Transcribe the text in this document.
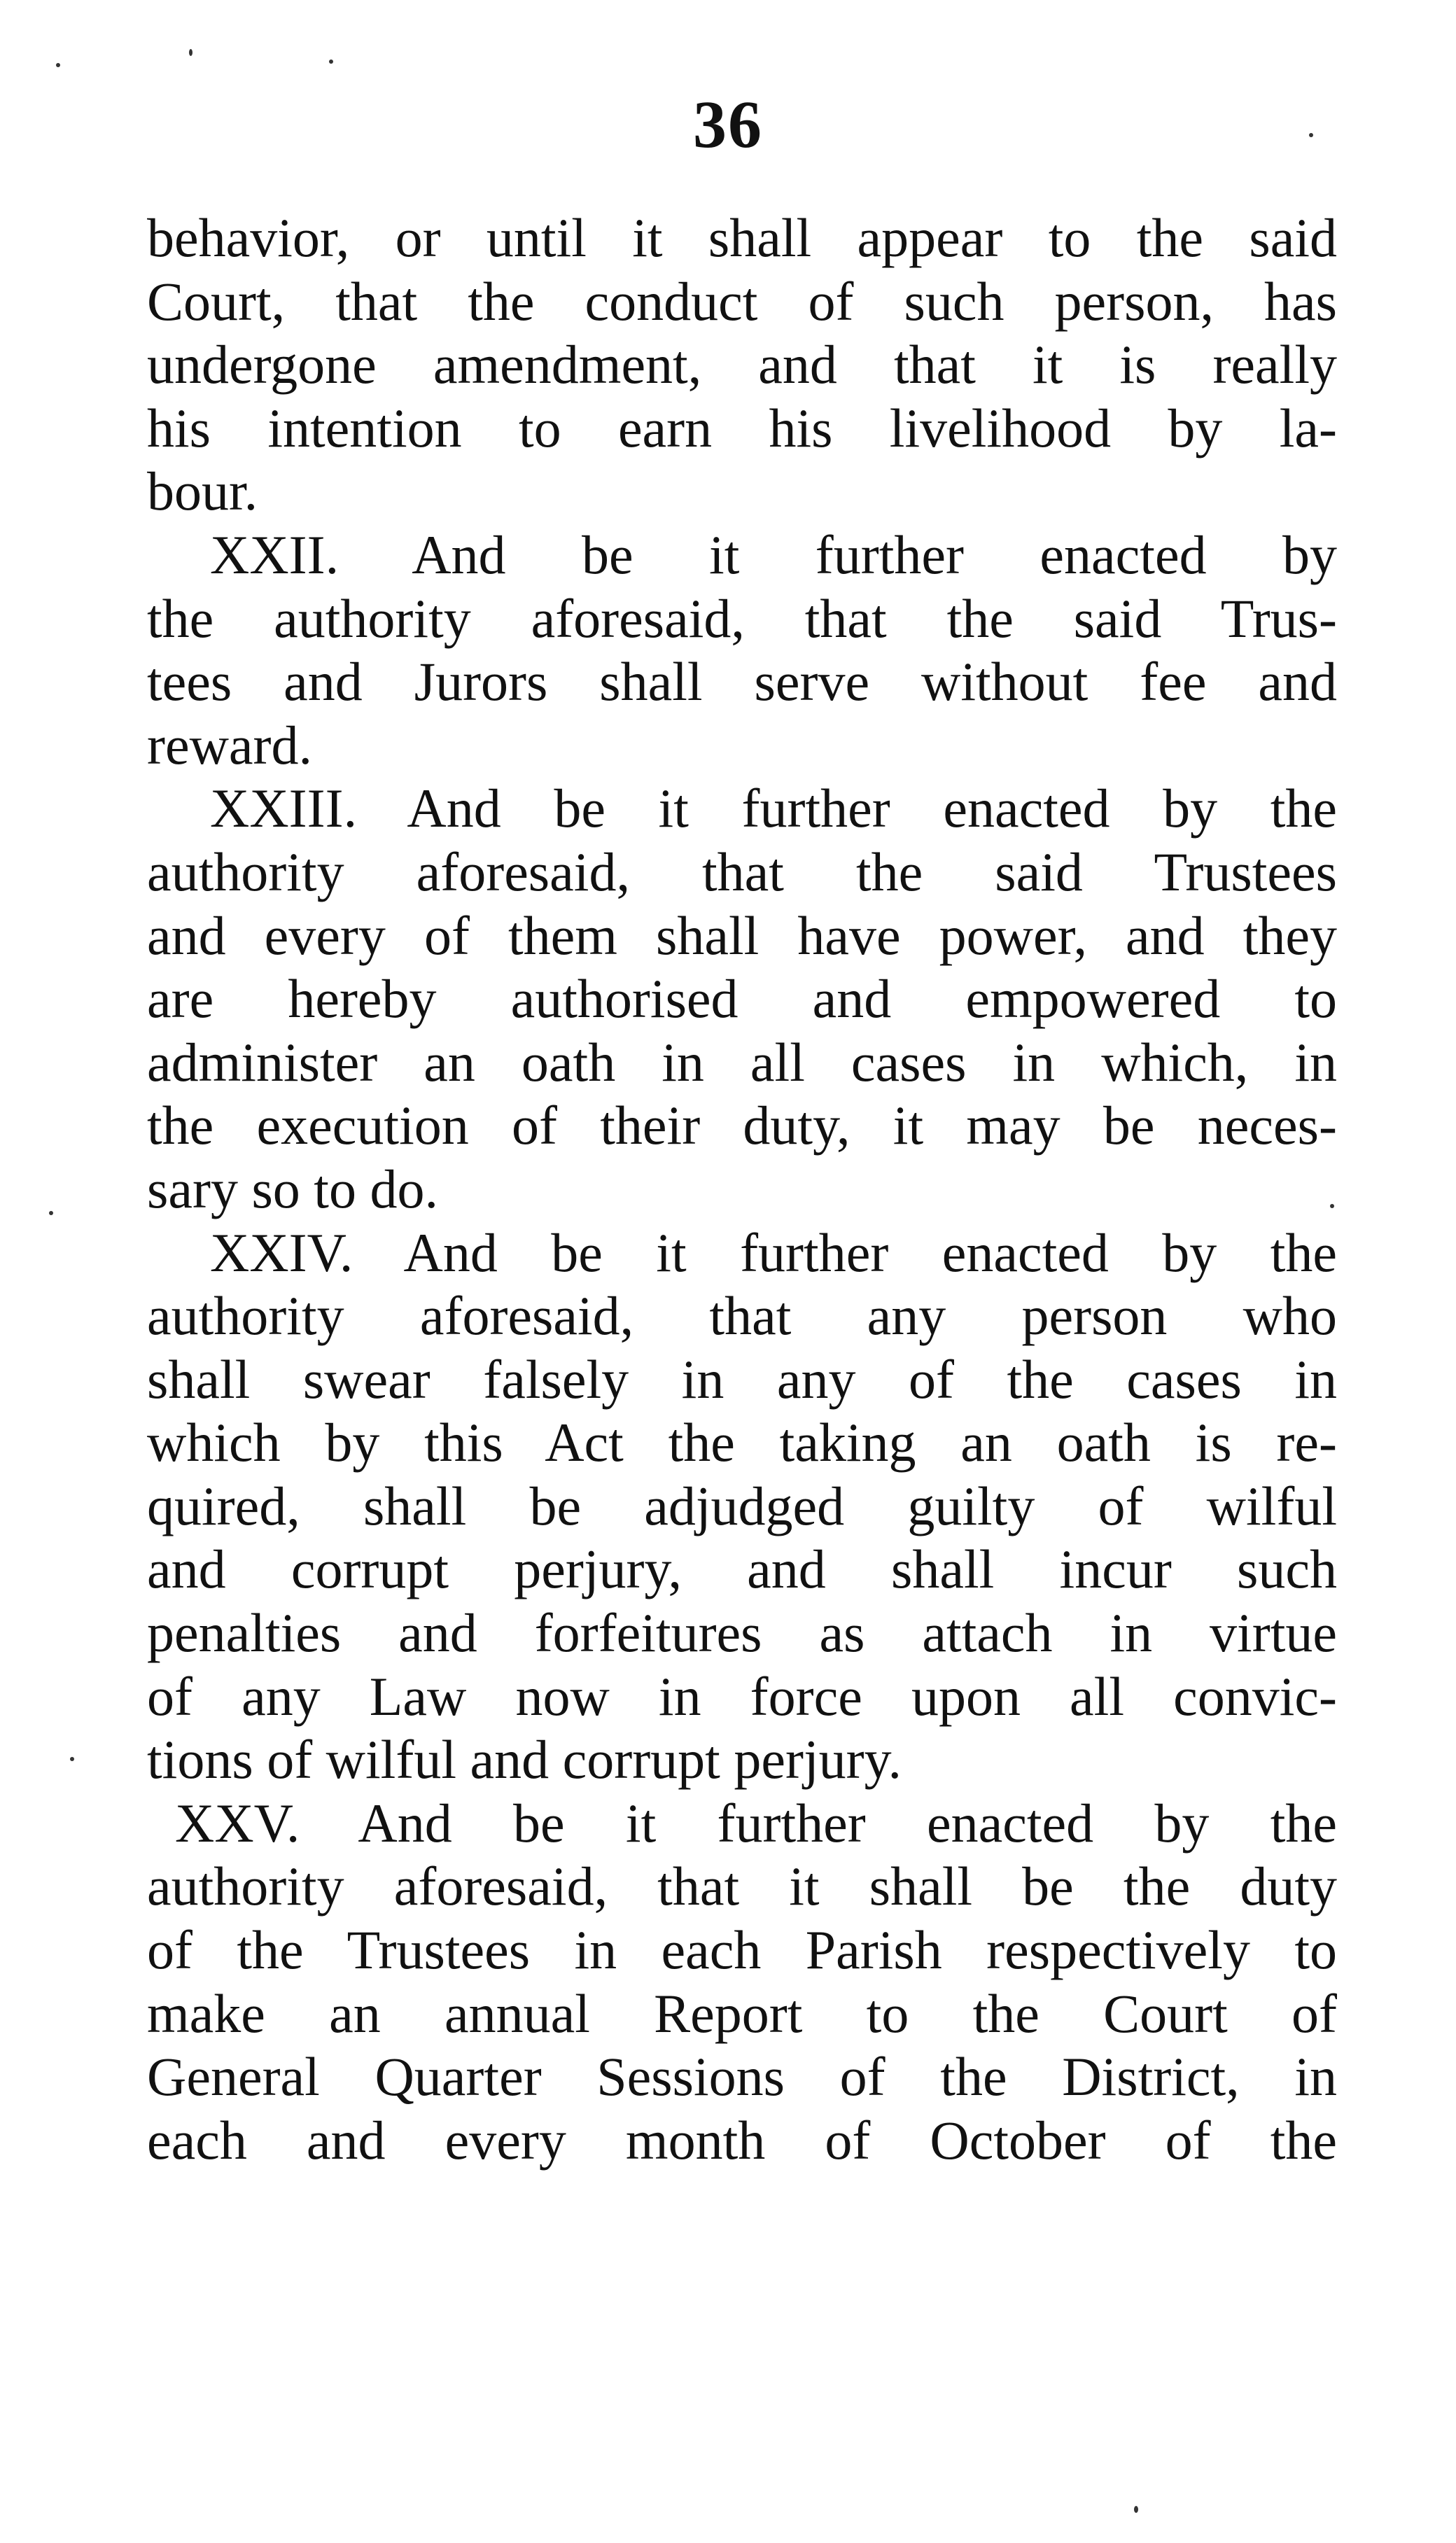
36
behavior, or until it shall appear to the said
Court, that the conduct of such person, has
undergone amendment, and that it is really
his intention to earn his livelihood by la-
bour.
XXII. And be it further enacted by
the authority aforesaid, that the said Trus-
tees and Jurors shall serve without fee and
reward.
XXIII. And be it further enacted by the
authority aforesaid, that the said Trustees
and every of them shall have power, and they
are hereby authorised and empowered to
administer an oath in all cases in which, in
the execution of their duty, it may be neces-
sary so to do.
XXIV. And be it further enacted by the
authority aforesaid, that any person who
shall swear falsely in any of the cases in
which by this Act the taking an oath is re-
quired, shall be adjudged guilty of wilful
and corrupt perjury, and shall incur such
penalties and forfeitures as attach in virtue
of any Law now in force upon all convic-
tions of wilful and corrupt perjury.
XXV. And be it further enacted by the
authority aforesaid, that it shall be the duty
of the Trustees in each Parish respectively to
make an annual Report to the Court of
General Quarter Sessions of the District, in
each and every month of October of the
